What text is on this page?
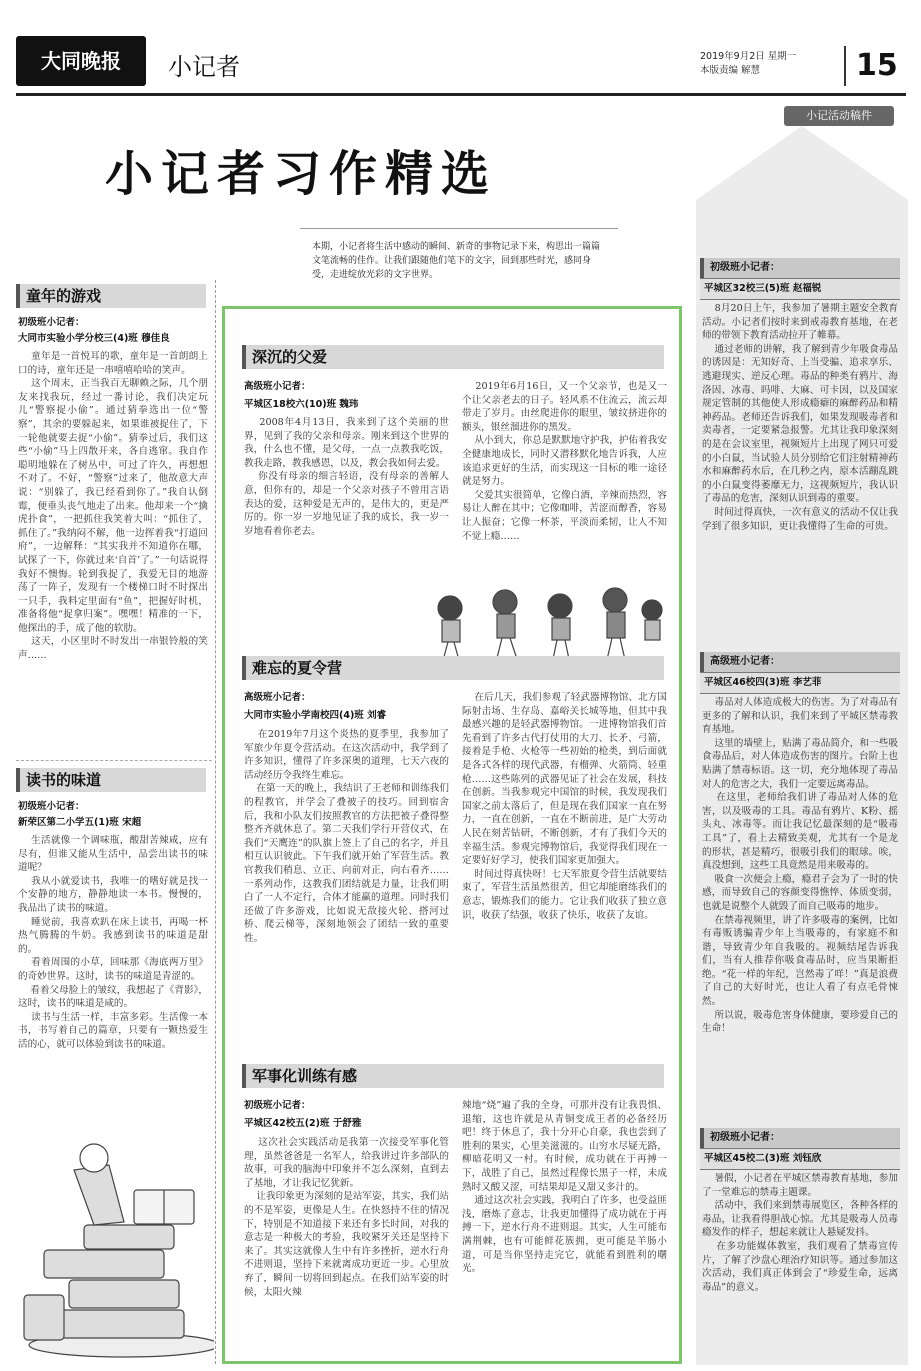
大同晚报	小记者	2019年9月2日 星期一
本版责编 解慧	15
小记活动稿件
小记者习作精选
本期，小记者将生活中感动的瞬间、新奇的事物记录下来，构思出一篇篇文笔流畅的佳作。让我们跟随他们笔下的文字，回到那些时光，感同身受，走进绽放光彩的文字世界。
童年的游戏
初级班小记者：
大同市实验小学分校三(4)班 穆佳良
童年是一首悦耳的歌，童年是一首朗朗上口的诗，童年还是一串嘻嘻哈哈的笑声。
这个周末，正当我百无聊赖之际，几个朋友来找我玩，经过一番讨论，我们决定玩儿“警察捉小偷”。通过猜拳选出一位“警察”，其余的要躲起来，如果谁被捉住了，下一轮他就要去捉“小偷”。猜拳过后，我们这些“小偷”马上四散开来，各自逃窜。我自作聪明地躲在了树丛中，可过了许久，再想想不对了。不好，“警察”过来了，他故意大声说：“别躲了，我已经看到你了。”我自认倒霉，便垂头丧气地走了出来。他却来一个“擒虎扑食”，一把抓住我笑着大叫：“抓住了，抓住了。”我纳闷不解，他一边挥着我“打道回府”，一边解释：“其实我并不知道你在哪，试探了一下，你就过来‘自首’了。”一句话说得我好不懊悔。轮到我捉了，我爱无目的地游荡了一阵子，发现有一个楼梯口时不时探出一只手，我料定里面有“鱼”，把握好时机，准备将他“捉拿归案”。嘿嘿！精准的一下，他探出的手，成了他的软肋。
这天，小区里时不时发出一串银铃般的笑声……
读书的味道
初级班小记者：
新荣区第二小学五(1)班 宋超
生活就像一个调味瓶，酸甜苦辣咸，应有尽有，但谁又能从生活中，品尝出读书的味道呢？
我从小就爱读书，我唯一的嗜好就是找一个安静的地方，静静地读一本书。慢慢的，我品出了读书的味道。
睡觉前，我喜欢趴在床上读书，再喝一杯热气腾腾的牛奶。我感到读书的味道是甜的。
看着周围的小草，回味那《海底两万里》的奇妙世界。这时，读书的味道是青涩的。
看着父母脸上的皱纹，我想起了《背影》，这时，读书的味道是咸的。
读书与生活一样，丰富多彩。生活像一本书，书写着自己的篇章，只要有一颗热爱生活的心，就可以体验到读书的味道。
深沉的父爱
高级班小记者：
平城区18校六(10)班 魏玮
2008年4月13日，我来到了这个美丽的世界，见到了我的父亲和母亲。刚来到这个世界的我，什么也不懂，是父母，一点一点教我吃饭，教我走路，教我感恩，以及，教会我如何去爱。
你没有母亲的细言轻语，没有母亲的善解人意，但你有的，却是一个父亲对孩子不曾用言语表达的爱，这种爱是无声的，是伟大的，更是严厉的。你一岁一岁地见证了我的成长，我一岁一岁地看着你老去。
2019年6月16日，又一个父亲节，也是又一个让父亲老去的日子。轻风系不住流云，流云却带走了岁月。由丝爬进你的眼里，皱纹挤进你的额头，银丝溜进你的黑发。
从小到大，你总是默默地守护我，护佑着我安全健康地成长，同时又潜移默化地告诉我，人应该追求更好的生活，而实现这一目标的唯一途径就是努力。
父爱其实很简单，它像白酒，辛辣而热烈，容易让人醉在其中；它像咖啡，苦涩而醇香，容易让人振奋；它像一杯茶，平淡而柔韧，让人不知不觉上瘾……
难忘的夏令营
高级班小记者：
大同市实验小学南校四(4)班 刘睿
在2019年7月这个炎热的夏季里，我参加了军旅少年夏令营活动。在这次活动中，我学到了许多知识，懂得了许多深奥的道理，七天六夜的活动经历令我终生难忘。
在第一天的晚上，我结识了王老师和训练我们的程教官，并学会了叠被子的技巧。回到宿舍后，我和小队友们按照教官的方法把被子叠得整整齐齐就休息了。第二天我们学行开营仪式，在我们“天鹰连”的队旗上签上了自己的名字，并且相互认识彼此。下午我们就开始了军营生活。教官教我们稍息、立正、向前对正，向右看齐……一系列动作，这教我们团结就是力量，让我们明白了一人不定行，合体才能赢的道理。同时我们还做了许多游戏，比如说无敌接火轮、搭河过桥、爬云梯等，深刻地领会了团结一致的重要性。
在后几天，我们参观了轻武器博物馆、北方国际射击场、生存岛、嘉峪关长城等地，但其中我最感兴趣的是轻武器博物馆。一进博物馆我们首先看到了许多古代打仗用的大刀、长矛、弓箭，接着是手枪、火枪等一些初始的枪类，到后面就是各式各样的现代武器，有榴弹、火箭筒、轻重枪……这些陈列的武器见证了社会在发展，科技在创新。当我参观完中国馆的时候，我发现我们国家之前太落后了，但是现在我们国家一直在努力，一直在创新，一直在不断前进，是广大劳动人民在刻苦钻研，不断创新，才有了我们今天的幸福生活。参观完博物馆后，我觉得我们现在一定要好好学习，使我们国家更加强大。
时间过得真快呀！七天军旅夏令营生活就要结束了，军营生活虽然很苦，但它却能磨练我们的意志，锻炼我们的能力。它让我们收获了独立意识，收获了结强，收获了快乐，收获了友谊。
军事化训练有感
初级班小记者：
平城区42校五(2)班 于舒雅
这次社会实践活动是我第一次接受军事化管理，虽然爸爸是一名军人，给我讲过许多部队的故事，可我的脑海中印象并不怎么深刻，直到去了基地，才让我记忆犹新。
让我印象更为深刻的是站军姿，其实，我们站的不是军姿，更像是人生。在快怒持不住的情况下，特别是不知道接下来还有多长时间，对我的意志是一种极大的考验，我咬紧牙关还是坚持下来了。其实这就像人生中有许多挫折，逆水行舟不进则退，坚持下来就离成功更近一步。心里放弃了，瞬间一切将回到起点。在我们站军姿的时候，太阳火辣
辣地“烧”遍了我的全身，可那并没有让我畏惧、退缩，这也许就是从青铜变成王者的必备经历吧！终于休息了，我十分开心自豪，我也尝到了胜利的果实，心里美滋滋的。山穷水尽疑无路，柳暗花明又一村。有时候，成功就在于再搏一下，战胜了自己，虽然过程像长黑子一样，未成熟时又酸又涩，可结果却是又甜又多汁的。
通过这次社会实践，我明白了许多，也受益匪浅，磨炼了意志，让我更加懂得了成功就在于再搏一下，逆水行舟不进则退。其实，人生可能布满荆棘，也有可能鲜花簇拥，更可能是羊肠小道，可是当你坚持走完它，就能看到胜利的曙光。
初级班小记者：
平城区32校三(5)班 赵福锐
8月20日上午，我参加了暑期主题安全教育活动。小记者们按时来到戒毒教育基地，在老师的带领下教育活动拉开了帷幕。
通过老师的讲解，我了解到青少年吸食毒品的诱因是：无知好奇、上当受骗、追求享乐、逃避现实、逆反心理。毒品的种类有鸦片、海洛因、冰毒、吗啡、大麻、可卡因，以及国家规定管制的其他使人形成瘾癖的麻醉药品和精神药品。老师还告诉我们，如果发现吸毒者和卖毒者，一定要紧急报警。尤其让我印象深刻的是在会议室里，视频短片上出现了网只可爱的小白鼠，当试验人员分别给它们注射精神药水和麻醉药水后，在几秒之内，原本活蹦乱跳的小白鼠变得萎靡无力，这视频短片，我认识了毒品的危害，深刻认识到毒的重要。
时间过得真快，一次有意义的活动不仅让我学到了很多知识，更让我懂得了生命的可贵。
高级班小记者：
平城区46校四(3)班 李艺菲
毒品对人体造成极大的伤害。为了对毒品有更多的了解和认识，我们来到了平城区禁毒教育基地。
这里的墙壁上，贴满了毒品简介，和一些吸食毒品后，对人体造成伤害的图片。台阶上也贴满了禁毒标语。这一切，充分地体现了毒品对人的危害之大，我们一定要远离毒品。
在这里，老师给我们讲了毒品对人体的危害，以及吸毒的工具。毒品有鸦片、K粉、摇头丸、冰毒等。而让我记忆最深刻的是“吸毒工具”了，看上去精致美观，尤其有一个是龙的形状，甚是精巧，很吸引我们的眼球。唉，真没想到，这些工具竟然是用来吸毒的。
吸食一次便会上瘾，瘾君子会为了一时的快感，而导致自己的容颜变得憔悴、体质变弱，也就是说整个人就毁了而自己吸毒的地步。
在禁毒视频里，讲了许多吸毒的案例，比如有毒贩诱骗青少年上当吸毒的，有家庭不和谐，导致青少年自我吸的。视频结尾告诉我们，当有人推荐你吸食毒品时，应当果断拒绝。“花一样的年纪，岂然毒了咩！”真是浪费了自己的大好时光，也让人看了有点毛骨悚然。
所以说，吸毒危害身体健康，要珍爱自己的生命！
初级班小记者：
平城区45校二(3)班 刘钰欣
暑假，小记者在平城区禁毒教育基地，参加了一堂难忘的禁毒主题课。
活动中，我们来到禁毒展览区，各种各样的毒品，让我看得胆战心惊。尤其是吸毒人员毒瘾发作的样子，想起来就让人悬疑发抖。
在多功能媒体教室，我们观看了禁毒宣传片，了解了沙盘心理治疗知识等。通过参加这次活动，我们真正体到会了“珍爱生命，远离毒品”的意义。
